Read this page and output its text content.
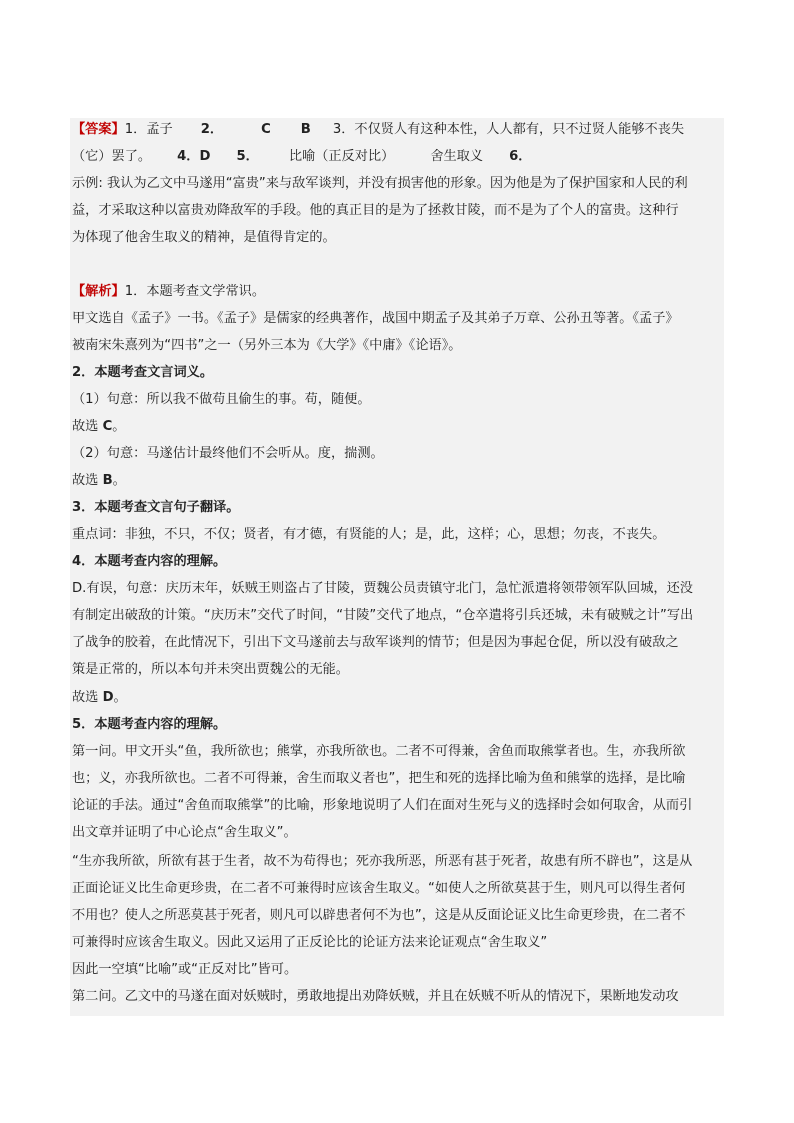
【答案】1．孟子 2．	C B 3．不仅贤人有这种本性，人人都有，只不过贤人能够不丧失
（它）罢了。 4．D 5． 比喻（正反对比）	舍生取义 6．
示例: 我认为乙文中马遂用“富贵”来与敌军谈判，并没有损害他的形象。因为他是为了保护国家和人民的利
益，才采取这种以富贵劝降敌军的手段。他的真正目的是为了拯救甘陵，而不是为了个人的富贵。这种行
为体现了他舍生取义的精神，是值得肯定的。
【解析】1．本题考查文学常识。
甲文选自《孟子》一书。《孟子》是儒家的经典著作，战国中期孟子及其弟子万章、公孙丑等著。《孟子》
被南宋朱熹列为“四书”之一（另外三本为《大学》《中庸》《论语》。
2．本题考查文言词义。
（1）句意：所以我不做苟且偷生的事。苟，随便。
故选 C。
（2）句意：马遂估计最终他们不会听从。度，揣测。
故选 B。
3．本题考查文言句子翻译。
重点词：非独，不只，不仅；贤者，有才德，有贤能的人；是，此，这样；心，思想；勿丧，不丧失。
4．本题考查内容的理解。
D.有误，句意：庆历末年，妖贼王则盗占了甘陵，贾魏公员责镇守北门，急忙派遣将领带领军队回城，还没
有制定出破敌的计策。“庆历末”交代了时间，“甘陵”交代了地点，“仓卒遣将引兵还城，未有破贼之计”写出
了战争的胶着，在此情况下，引出下文马遂前去与敌军谈判的情节；但是因为事起仓促，所以没有破敌之
策是正常的，所以本句并未突出贾魏公的无能。
故选 D。
5．本题考查内容的理解。
第一问。甲文开头“鱼，我所欲也；熊掌，亦我所欲也。二者不可得兼，舍鱼而取熊掌者也。生，亦我所欲
也；义，亦我所欲也。二者不可得兼，舍生而取义者也”，把生和死的选择比喻为鱼和熊掌的选择，是比喻
论证的手法。通过“舍鱼而取熊掌”的比喻，形象地说明了人们在面对生死与义的选择时会如何取舍，从而引
出文章并证明了中心论点“舍生取义”。
“生亦我所欲，所欲有甚于生者，故不为苟得也；死亦我所恶，所恶有甚于死者，故患有所不辟也”，这是从
正面论证义比生命更珍贵，在二者不可兼得时应该舍生取义。“如使人之所欲莫甚于生，则凡可以得生者何
不用也？使人之所恶莫甚于死者，则凡可以辟患者何不为也”，这是从反面论证义比生命更珍贵，在二者不
可兼得时应该舍生取义。因此又运用了正反论比的论证方法来论证观点“舍生取义”
因此一空填“比喻”或“正反对比”皆可。
第二问。乙文中的马遂在面对妖贼时，勇敢地提出劝降妖贼，并且在妖贼不听从的情况下，果断地发动攻
